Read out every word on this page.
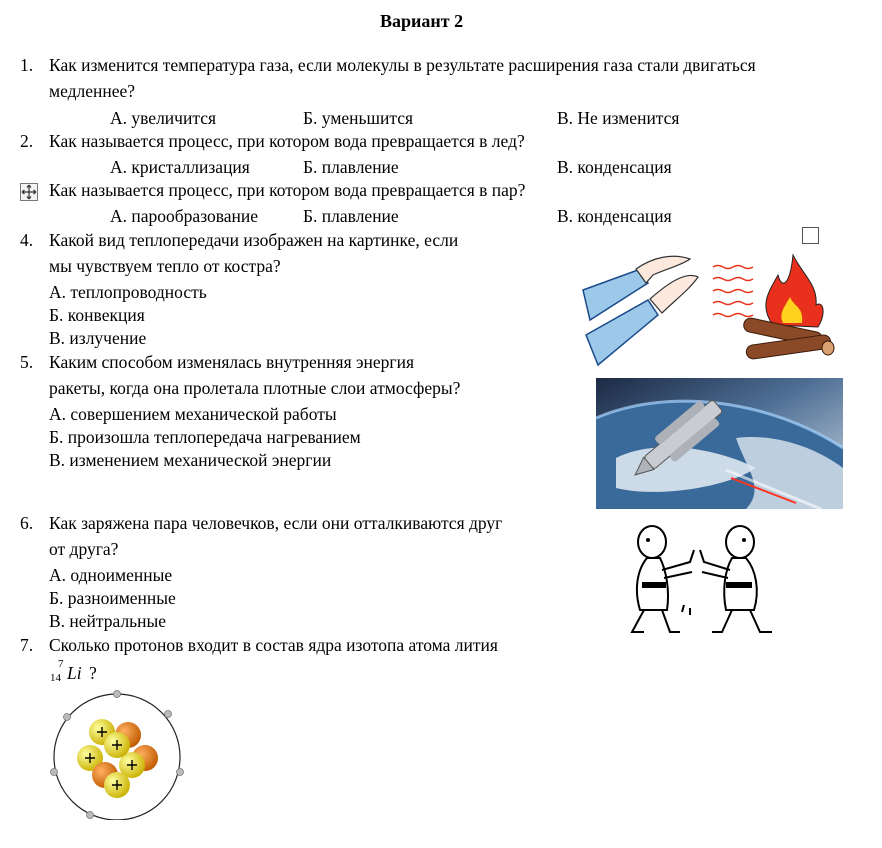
Вариант 2
1. Как изменится температура газа, если молекулы в результате расширения газа стали двигаться
медленнее?
А. увеличится	Б. уменьшится	В. Не изменится
2. Как называется процесс, при котором вода превращается в лед?
А. кристаллизация	Б. плавление	В. конденсация
Как называется процесс, при котором вода превращается в пар?
А. парообразование	Б. плавление	В. конденсация
4. Какой вид теплопередачи изображен на картинке, если
мы чувствуем тепло от костра?
А. теплопроводность
Б. конвекция
В. излучение
5. Каким способом изменялась внутренняя энергия
ракеты, когда она пролетала плотные слои атмосферы?
А. совершением механической работы
Б. произошла теплопередача нагреванием
В. изменением механической энергии
6. Как заряжена пара человечков, если они отталкиваются друг
от друга?
А. одноименные
Б. разноименные
В. нейтральные
7. Сколько протонов входит в состав ядра изотопа атома лития
7
14 Li ?
